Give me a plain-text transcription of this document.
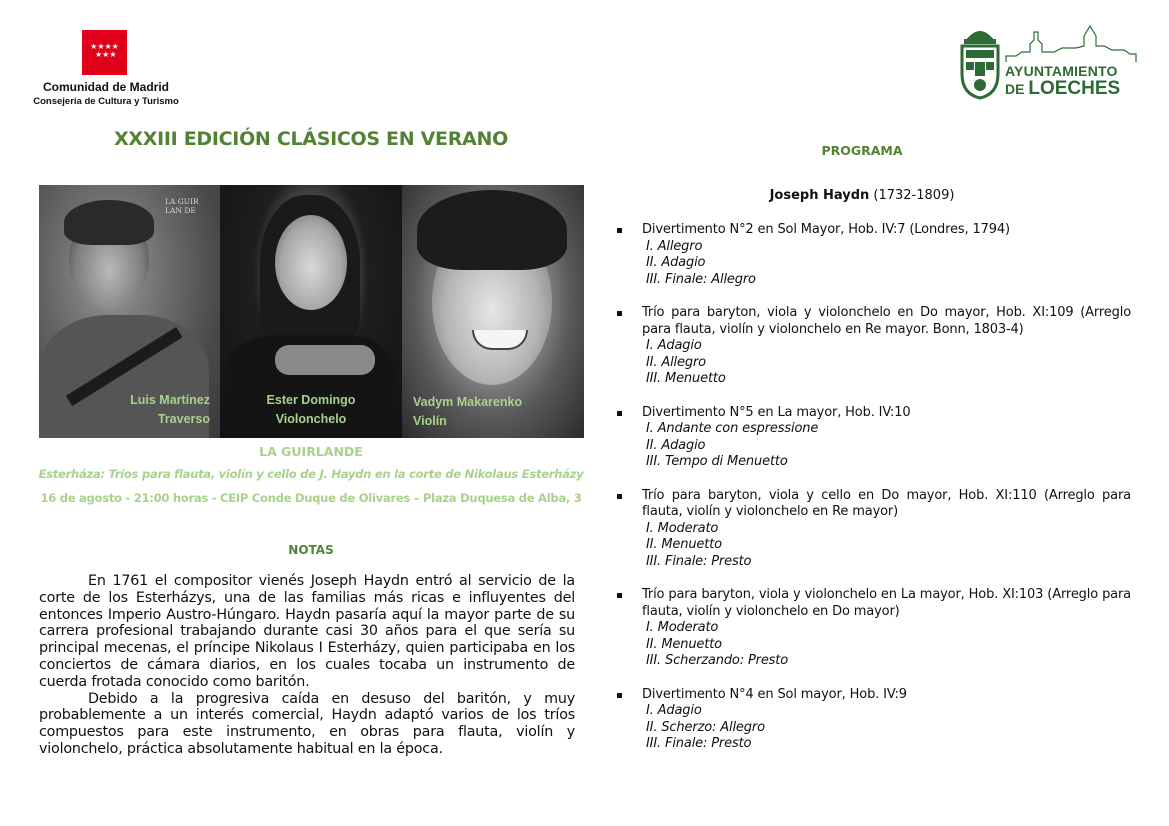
★★★★
★★★
Comunidad de Madrid
Consejería de Cultura y Turismo
AYUNTAMIENTO
DE LOECHES
XXXIII EDICIÓN CLÁSICOS EN VERANO
LA GUIR LAN DE
Luis Martínez
Traverso
Ester Domingo
Violonchelo
Vadym Makarenko
Violín
LA GUIRLANDE
Esterháza: Tríos para flauta, violín y cello de J. Haydn en la corte de Nikolaus Esterházy
16 de agosto - 21:00 horas - CEIP Conde Duque de Olivares – Plaza Duquesa de Alba, 3
NOTAS

En 1761 el compositor vienés Joseph Haydn entró al servicio de la corte de los Esterházys, una de las familias más ricas e influyentes del entonces Imperio Austro-Húngaro. Haydn pasaría aquí la mayor parte de su carrera profesional trabajando durante casi 30 años para el que sería su principal mecenas, el príncipe Nikolaus I Esterházy, quien participaba en los conciertos de cámara diarios, en los cuales tocaba un instrumento de cuerda frotada conocido como baritón.

Debido a la progresiva caída en desuso del baritón, y muy probablemente a un interés comercial, Haydn adaptó varios de los tríos compuestos para este instrumento, en obras para flauta, violín y violonchelo, práctica absolutamente habitual en la época.

PROGRAMA
Joseph Haydn (1732-1809)
Divertimento N°2 en Sol Mayor, Hob. IV:7 (Londres, 1794)
I. Allegro
II. Adagio
III. Finale: Allegro
Trío para baryton, viola y violonchelo en Do mayor, Hob. XI:109 (Arreglo para flauta, violín y violonchelo en Re mayor. Bonn, 1803-4)
I. Adagio
II. Allegro
III. Menuetto
Divertimento N°5 en La mayor, Hob. IV:10
I. Andante con espressione
II. Adagio
III. Tempo di Menuetto
Trío para baryton, viola y cello en Do mayor, Hob. XI:110 (Arreglo para flauta, violín y violonchelo en Re mayor)
I. Moderato
II. Menuetto
III. Finale: Presto
Trío para baryton, viola y violonchelo en La mayor, Hob. XI:103 (Arreglo para flauta, violín y violonchelo en Do mayor)
I. Moderato
II. Menuetto
III. Scherzando: Presto
Divertimento N°4 en Sol mayor, Hob. IV:9
I. Adagio
II. Scherzo: Allegro
III. Finale: Presto
